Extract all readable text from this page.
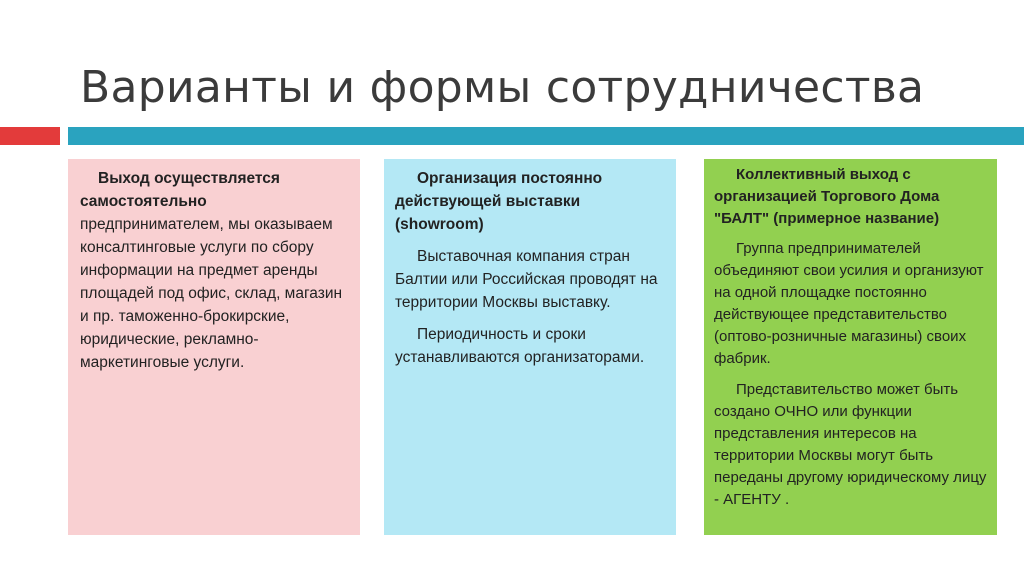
Варианты и формы сотрудничества

Выход осуществляется самостоятельно

предпринимателем, мы оказываем консалтинговые услуги по сбору информации на предмет аренды площадей под офис, склад, магазин и пр. таможенно-брокирские, юридические, рекламно-маркетинговые услуги.

Организация постоянно действующей выставки (showroom)

Выставочная компания стран Балтии или Российская проводят на территории Москвы выставку.

Периодичность и сроки устанавливаются организаторами.

Коллективный выход с организацией Торгового Дома "БАЛТ" (примерное название)

Группа предпринимателей объединяют свои усилия и организуют на одной площадке постоянно действующее представительство (оптово-розничные магазины) своих фабрик.

Представительство может быть создано ОЧНО или функции представления интересов на территории Москвы могут быть переданы другому юридическому лицу - АГЕНТУ .
